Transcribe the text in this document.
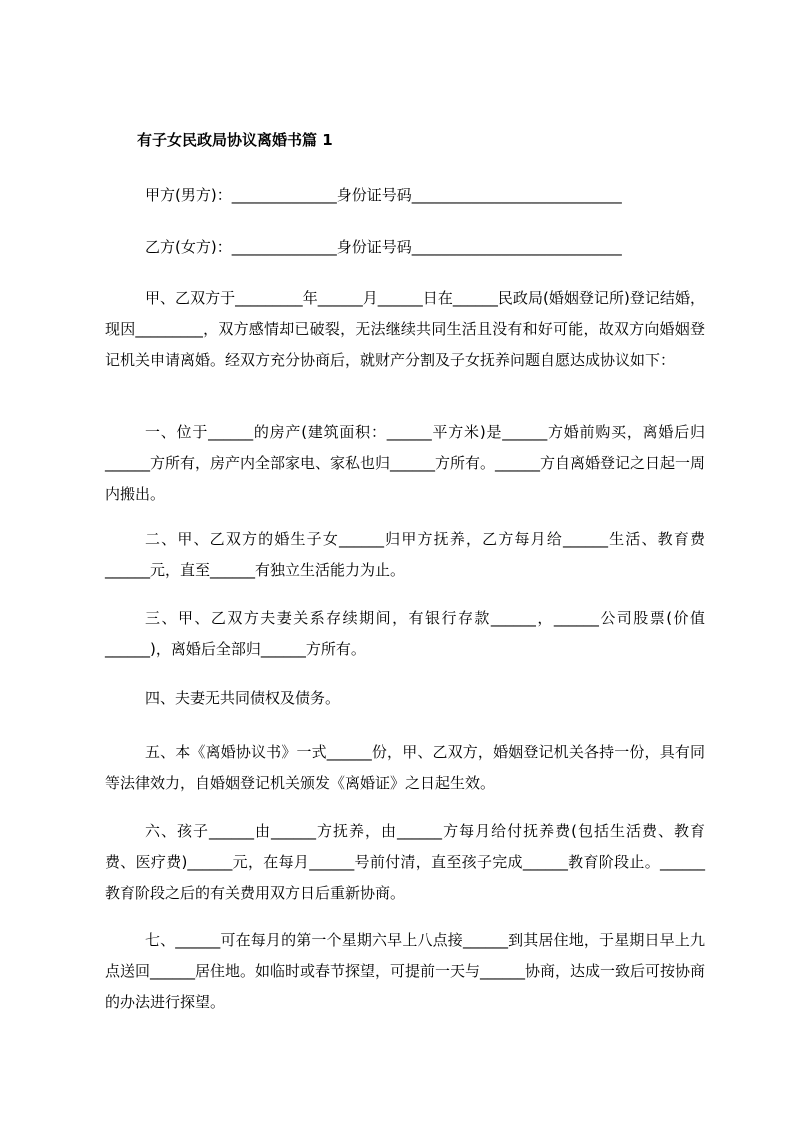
有子女民政局协议离婚书篇 1
甲方(男方)：______________身份证号码____________________________
乙方(女方)：______________身份证号码____________________________
甲、乙双方于_________年______月______日在______民政局(婚姻登记所)登记结婚，现因_________，双方感情却已破裂，无法继续共同生活且没有和好可能，故双方向婚姻登记机关申请离婚。经双方充分协商后，就财产分割及子女抚养问题自愿达成协议如下：
一、位于______的房产(建筑面积：______平方米)是______方婚前购买，离婚后归______方所有，房产内全部家电、家私也归______方所有。______方自离婚登记之日起一周内搬出。
二、甲、乙双方的婚生子女______归甲方抚养，乙方每月给______生活、教育费______元，直至______有独立生活能力为止。
三、甲、乙双方夫妻关系存续期间，有银行存款______，______公司股票(价值______)，离婚后全部归______方所有。
四、夫妻无共同债权及债务。
五、本《离婚协议书》一式______份，甲、乙双方，婚姻登记机关各持一份，具有同等法律效力，自婚姻登记机关颁发《离婚证》之日起生效。
六、孩子______由______方抚养，由______方每月给付抚养费(包括生活费、教育费、医疗费)______元，在每月______号前付清，直至孩子完成______教育阶段止。______教育阶段之后的有关费用双方日后重新协商。
七、______可在每月的第一个星期六早上八点接______到其居住地，于星期日早上九点送回______居住地。如临时或春节探望，可提前一天与______协商，达成一致后可按协商的办法进行探望。
